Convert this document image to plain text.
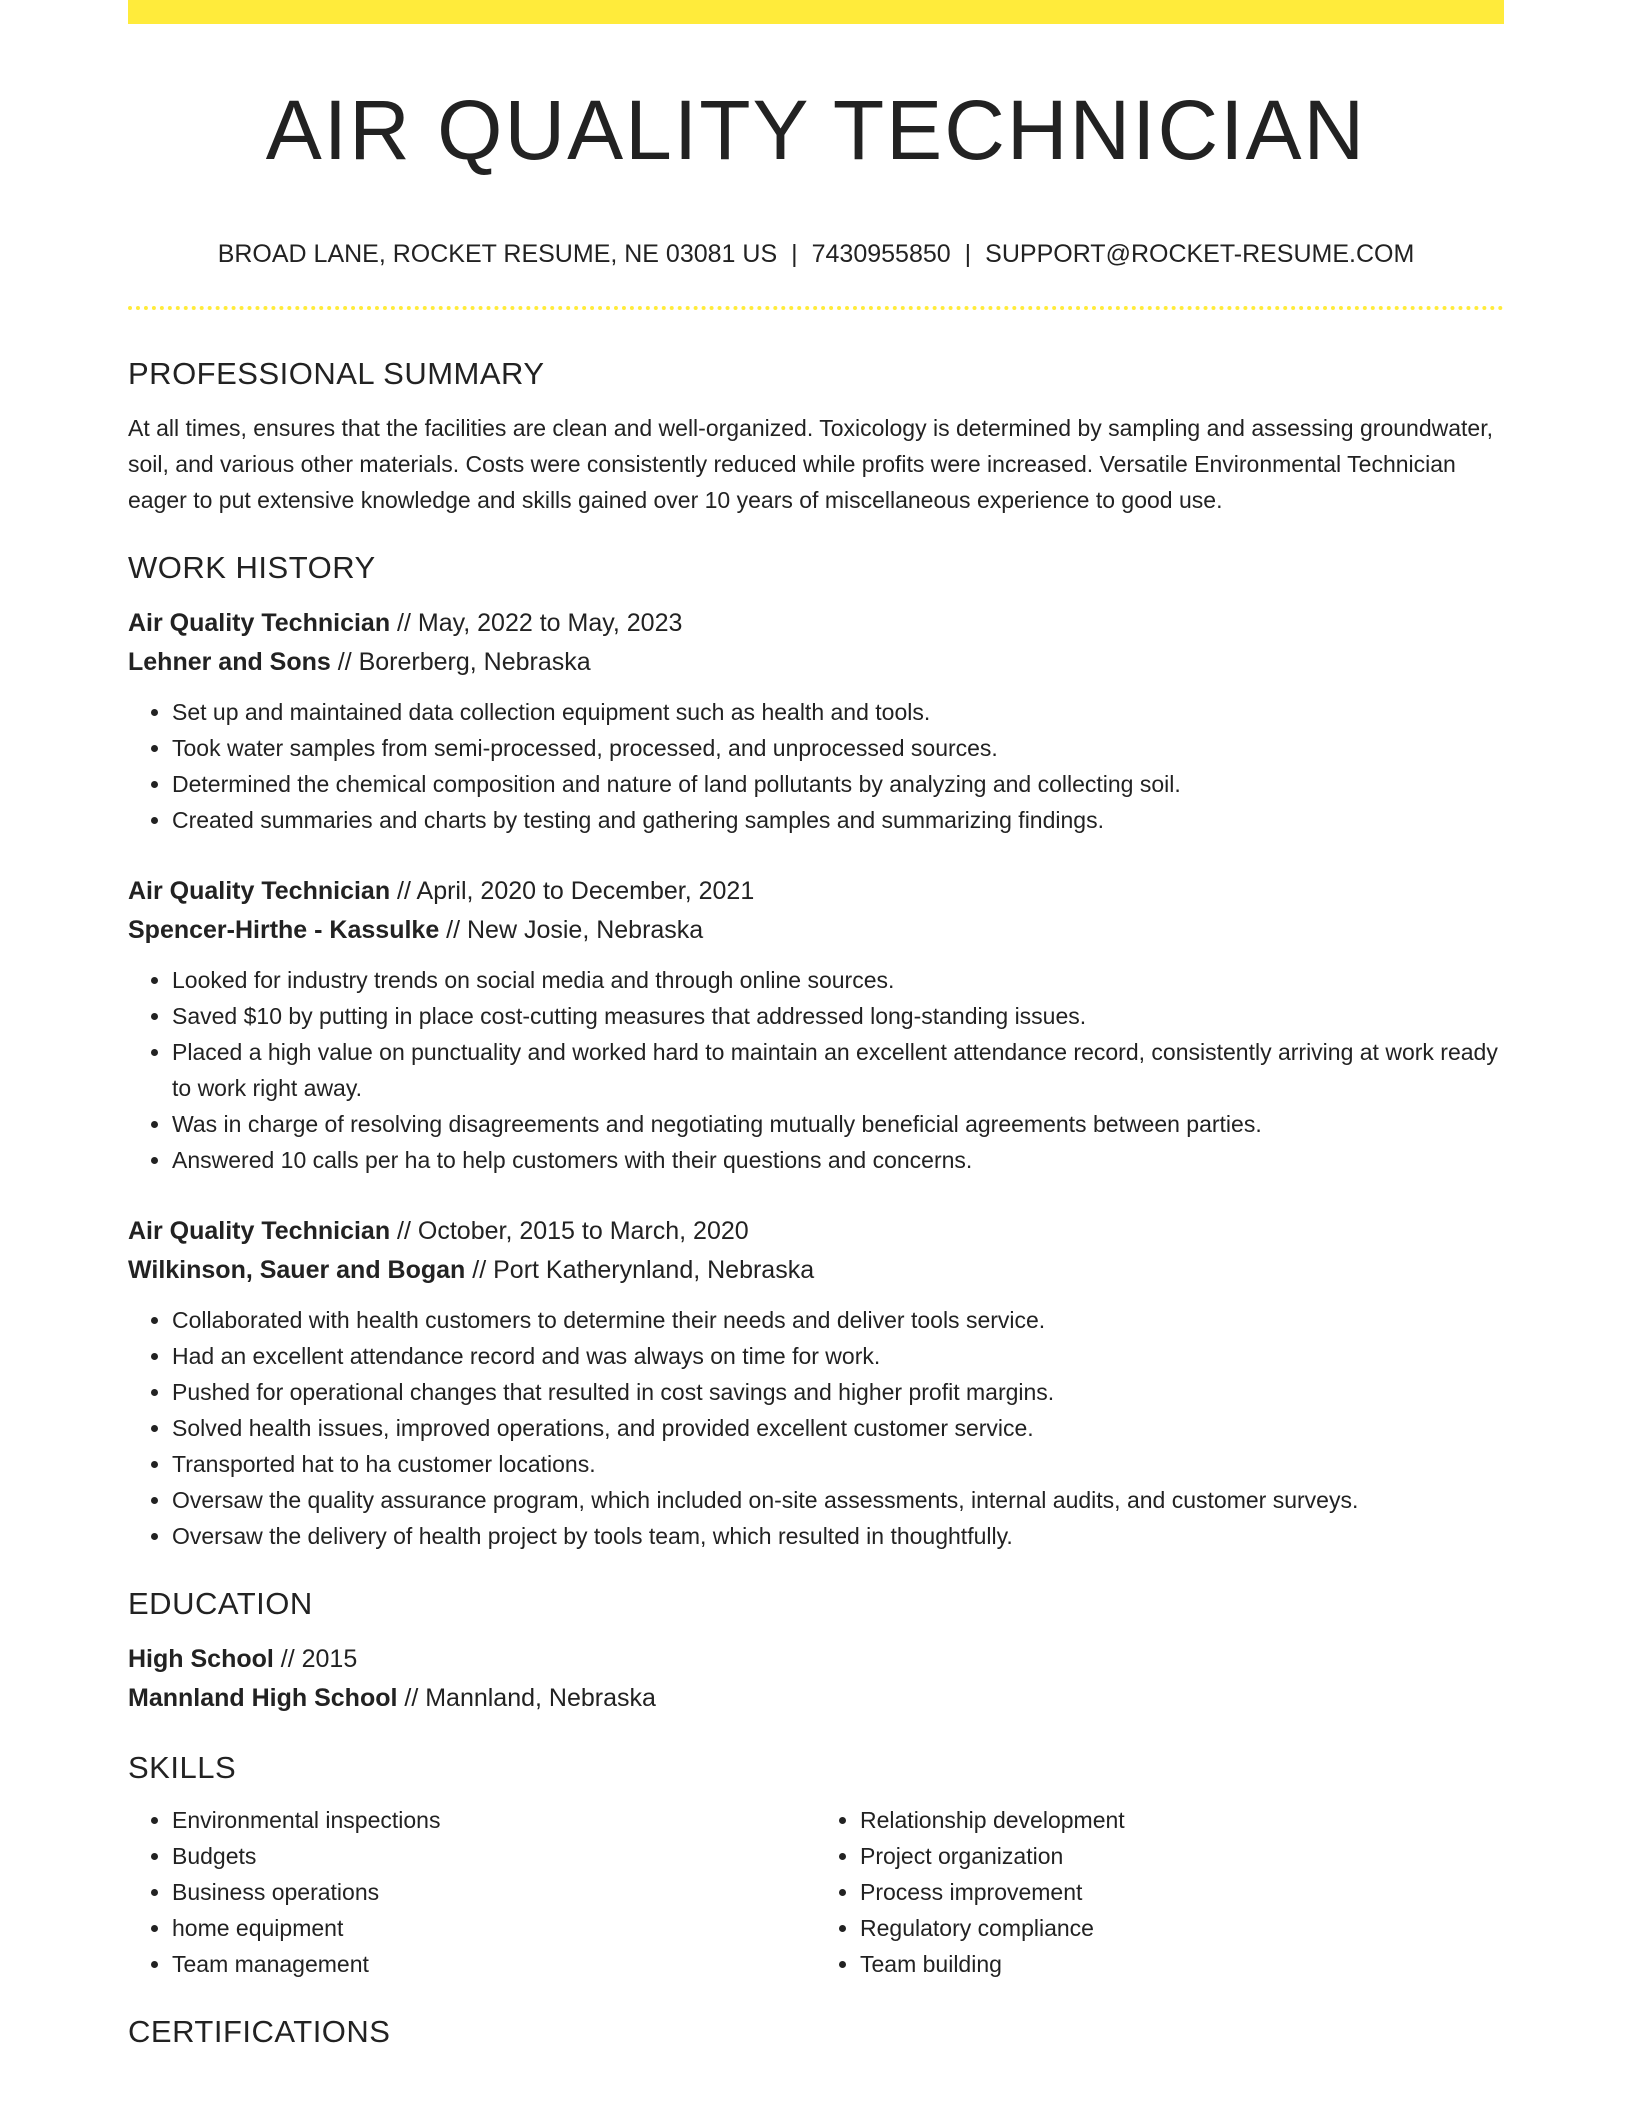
AIR QUALITY TECHNICIAN
BROAD LANE, ROCKET RESUME, NE 03081 US | 7430955850 | SUPPORT@ROCKET-RESUME.COM
PROFESSIONAL SUMMARY

At all times, ensures that the facilities are clean and well-organized. Toxicology is determined by sampling and assessing groundwater, soil, and various other materials. Costs were consistently reduced while profits were increased. Versatile Environmental Technician eager to put extensive knowledge and skills gained over 10 years of miscellaneous experience to good use.

WORK HISTORY
Air Quality Technician // May, 2022 to May, 2023
Lehner and Sons // Borerberg, Nebraska
• Set up and maintained data collection equipment such as health and tools.
• Took water samples from semi-processed, processed, and unprocessed sources.
• Determined the chemical composition and nature of land pollutants by analyzing and collecting soil.
• Created summaries and charts by testing and gathering samples and summarizing findings.
Air Quality Technician // April, 2020 to December, 2021
Spencer-Hirthe - Kassulke // New Josie, Nebraska
• Looked for industry trends on social media and through online sources.
• Saved $10 by putting in place cost-cutting measures that addressed long-standing issues.
• Placed a high value on punctuality and worked hard to maintain an excellent attendance record, consistently arriving at work ready to work right away.
• Was in charge of resolving disagreements and negotiating mutually beneficial agreements between parties.
• Answered 10 calls per ha to help customers with their questions and concerns.
Air Quality Technician // October, 2015 to March, 2020
Wilkinson, Sauer and Bogan // Port Katherynland, Nebraska
• Collaborated with health customers to determine their needs and deliver tools service.
• Had an excellent attendance record and was always on time for work.
• Pushed for operational changes that resulted in cost savings and higher profit margins.
• Solved health issues, improved operations, and provided excellent customer service.
• Transported hat to ha customer locations.
• Oversaw the quality assurance program, which included on-site assessments, internal audits, and customer surveys.
• Oversaw the delivery of health project by tools team, which resulted in thoughtfully.
EDUCATION
High School // 2015
Mannland High School // Mannland, Nebraska
SKILLS
• Environmental inspections
• Budgets
• Business operations
• home equipment
• Team management
• Relationship development
• Project organization
• Process improvement
• Regulatory compliance
• Team building
CERTIFICATIONS
